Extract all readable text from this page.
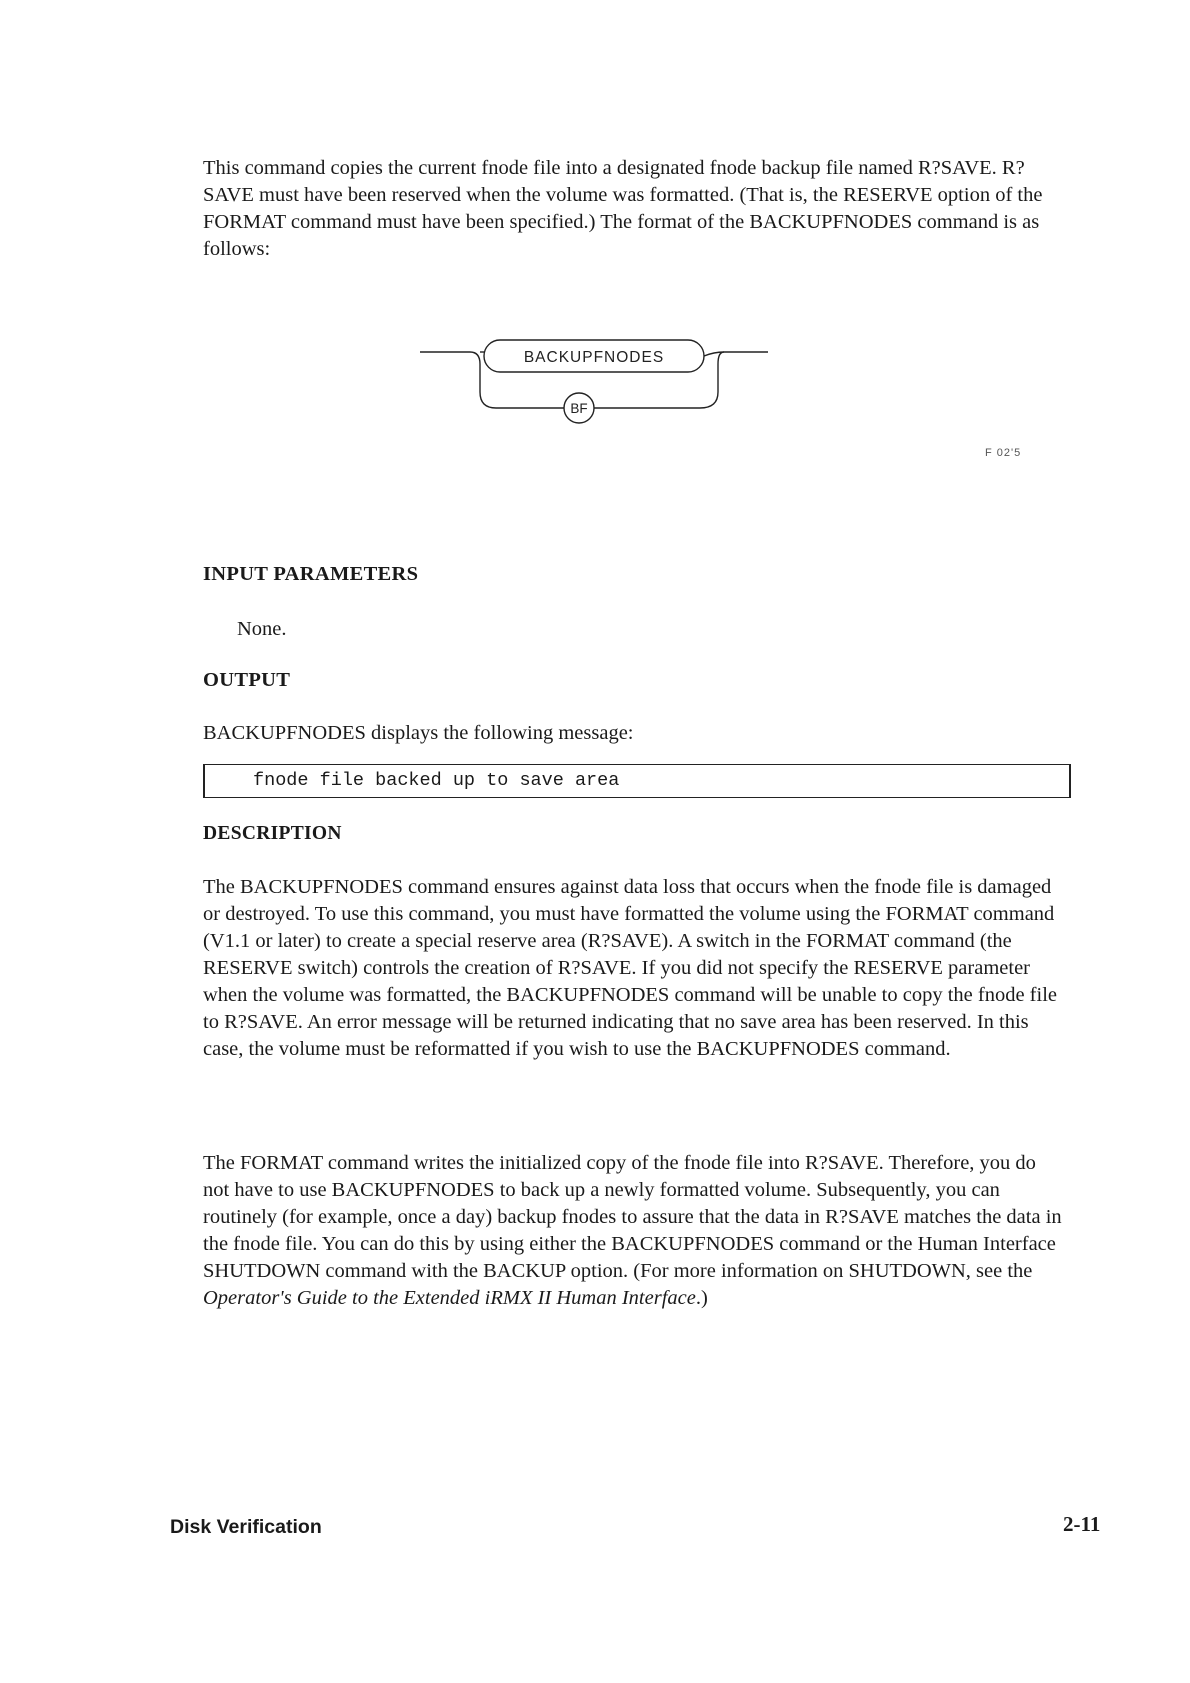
This command copies the current fnode file into a designated fnode backup file named R?SAVE. R?SAVE must have been reserved when the volume was formatted. (That is, the RESERVE option of the FORMAT command must have been specified.) The format of the BACKUPFNODES command is as follows:

BACKUPFNODES
BF
F 02'5
INPUT PARAMETERS

None.

OUTPUT

BACKUPFNODES displays the following message:

fnode file backed up to save area
DESCRIPTION

The BACKUPFNODES command ensures against data loss that occurs when the fnode file is damaged or destroyed. To use this command, you must have formatted the volume using the FORMAT command (V1.1 or later) to create a special reserve area (R?SAVE). A switch in the FORMAT command (the RESERVE switch) controls the creation of R?SAVE. If you did not specify the RESERVE parameter when the volume was formatted, the BACKUPFNODES command will be unable to copy the fnode file to R?SAVE. An error message will be returned indicating that no save area has been reserved. In this case, the volume must be reformatted if you wish to use the BACKUPFNODES command.

The FORMAT command writes the initialized copy of the fnode file into R?SAVE. Therefore, you do not have to use BACKUPFNODES to back up a newly formatted volume. Subsequently, you can routinely (for example, once a day) backup fnodes to assure that the data in R?SAVE matches the data in the fnode file. You can do this by using either the BACKUPFNODES command or the Human Interface SHUTDOWN command with the BACKUP option. (For more information on SHUTDOWN, see the Operator's Guide to the Extended iRMX II Human Interface.)

Disk Verification	2-11
